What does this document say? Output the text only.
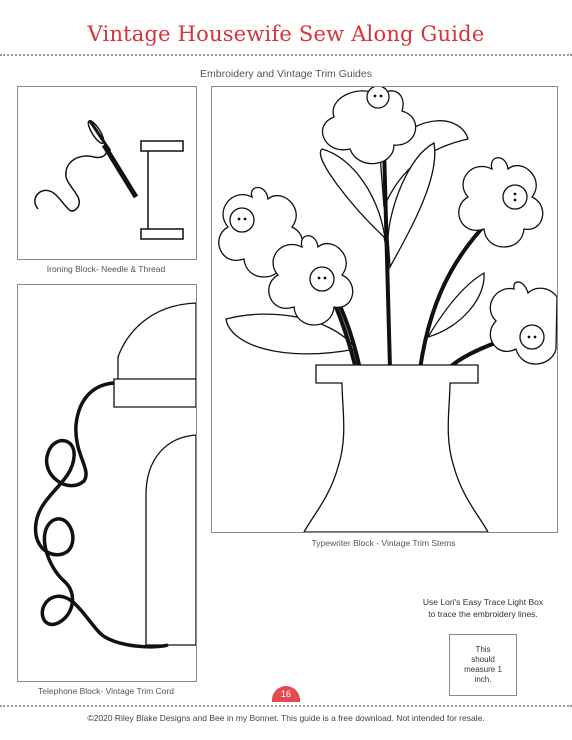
Vintage Housewife Sew Along Guide
Embroidery and Vintage Trim Guides
Ironing Block- Needle & Thread
Typewriter Block - Vintage Trim Stems
Telephone Block- Vintage Trim Cord
Use Lori's Easy Trace Light Box
to trace the embroidery lines.
This should measure 1 inch.
16
©2020 Riley Blake Designs and Bee in my Bonnet. This guide is a free download. Not intended for resale.
